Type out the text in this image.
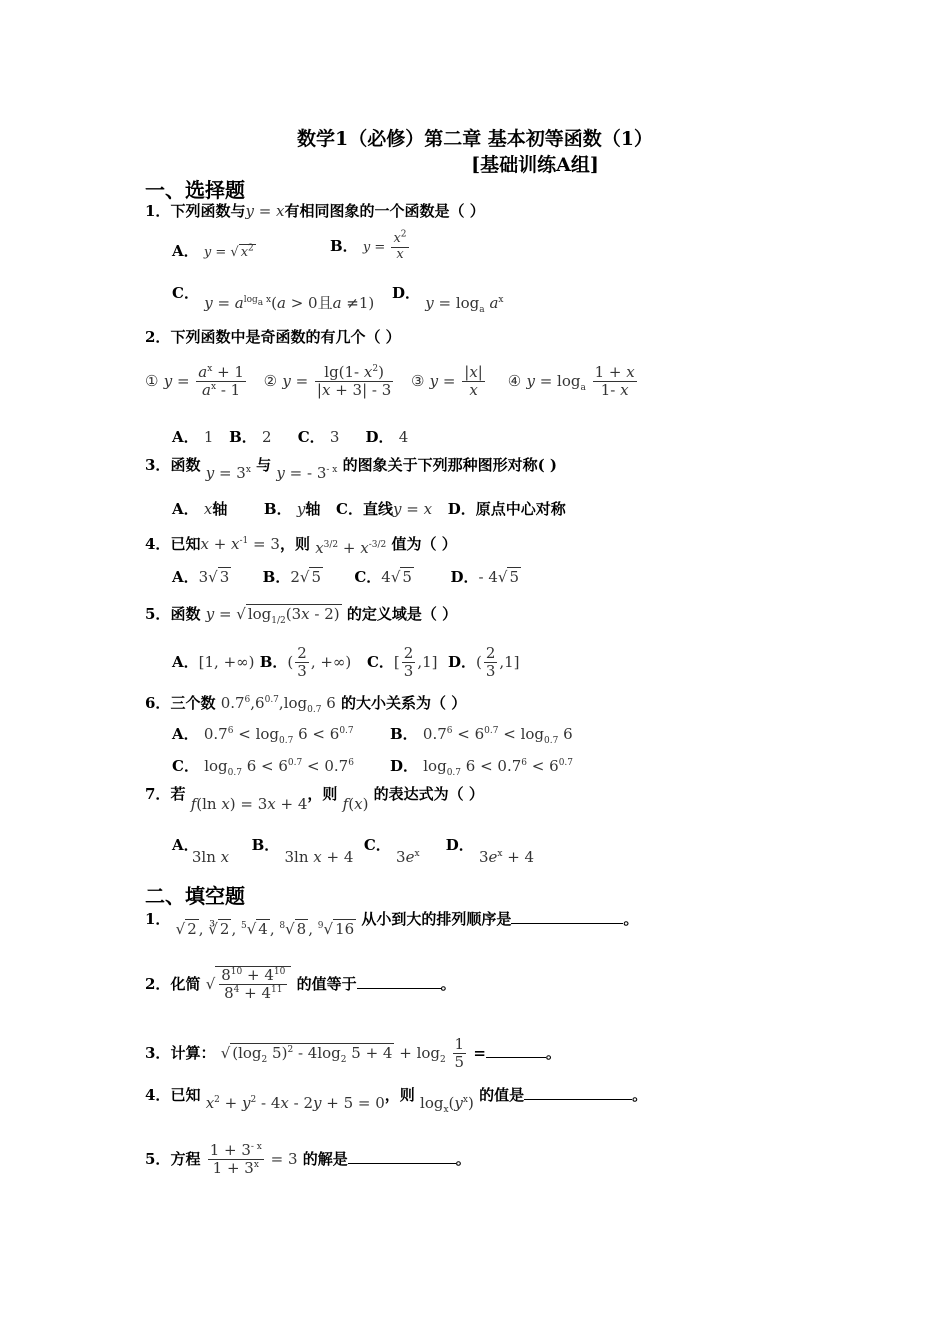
数学1（必修）第二章 基本初等函数（1）
[基础训练A组]
一、选择题
1．下列函数与y = x有相同图象的一个函数是（ ）
A． y = √ $x^2$	B． $y = \frac{x^2}{x}$
C． $y = a^{log_a x}(a > 0$且a ≠1)
D． $y = \log_a a^x$
2．下列函数中是奇函数的有几个（ ）
① $y = \frac{a^x + 1}{a^x - 1}$ ② $y = \frac{\lg(1- x^2)}{|x + 3| - 3}$ ③ $y = \frac{|x|}{x}$ ④ $y = \log_a \frac{1 + x}{1- x}$
A． 1 B． 2 C． 3 D． 4
3．函数 $y = 3^x$ 与 y = - $3^{- x}$ 的图象关于下列那种图形对称( )
A． x轴 B． y轴 C．直线y = x D．原点中心对称
4．已知$x + x^{-1} = 3$，则 $x^{3/2} + x^{-3/2}$ 值为（ ）
A．3√ 3 B．2√ 5 C．4√ 5	D．- 4√ 5
5．函数 y = √ $\log_{1/2}(3x - 2)$ 的定义域是（ ）
A．[1, +∞) B．( $\frac{2}{3}$ , +∞) C．[ $\frac{2}{3} ,1$] D．( $\frac{2}{3} ,1$]
6．三个数 $0.7^6,6^{0.7},\log_{0.7}$ 6 的大小关系为（ ）
A． $0.7^6 < \log_{0.7} 6 < 6^{0.7}$ B． $0.7^6 < 6^{0.7} < \log_{0.7} 6$
C． $\log_{0.7} 6 < 6^{0.7} < 0.7^6$ D． $\log_{0.7} 6 < 0.7^6 < 6^{0.7}$
7．若 f(ln x) = 3x + 4，则 f(x) 的表达式为（ ）
A． 3ln x  B． 3ln x + 4  C． $3e^x$ D． $3e^x + 4$
二、填空题
1． √ 2 , ∛ 2 , $^5$√ 4 , $^8$√ 8 , $^9$√ 16 从小到大的排列顺序是	。
2．化简 √ $\frac{8^{10} + 4^{10}}{8^4 + 4^{11}}$ 的值等于	。
3．计算： √ ($\log_2$ $5)^2 - 4\log_2$ $5 + 4 + \log_2 \frac{1}{5}$ =	。
4．已知 $x^2 + y^2 - 4x - 2y + 5 = 0$，则 $\log_x(y^x)$ 的值是	。
5．方程 $\frac{1 + 3^{- x}}{1 + 3^x} = 3$ 的解是	。
